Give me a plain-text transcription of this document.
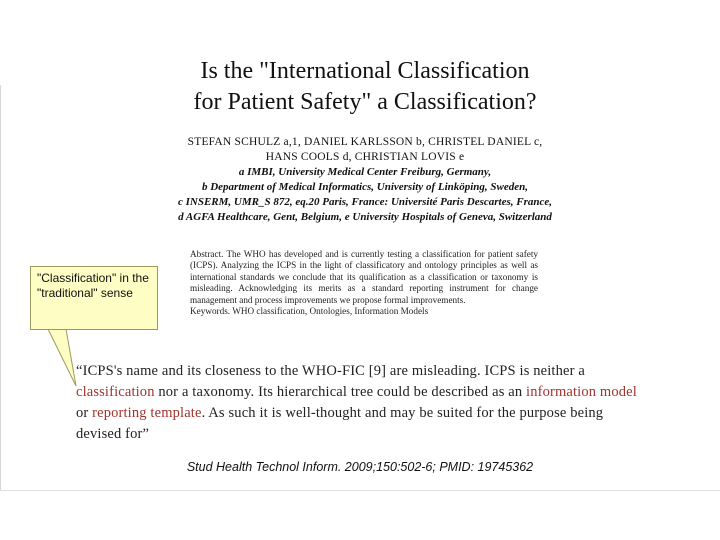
Is the "International Classification
for Patient Safety" a Classification?
STEFAN SCHULZ a,1, DANIEL KARLSSON b, CHRISTEL DANIEL c,
HANS COOLS d, CHRISTIAN LOVIS e
a IMBI, University Medical Center Freiburg, Germany,
b Department of Medical Informatics, University of Linköping, Sweden,
c INSERM, UMR_S 872, eq.20 Paris, France: Université Paris Descartes, France,
d AGFA Healthcare, Gent, Belgium, e University Hospitals of Geneva, Switzerland
Abstract. The WHO has developed and is currently testing a classification for patient safety (ICPS). Analyzing the ICPS in the light of classificatory and ontology principles as well as international standards we conclude that its qualification as a classification or taxonomy is misleading. Acknowledging its merits as a standard reporting instrument for change management and process improvements we propose formal improvements.
Keywords. WHO classification, Ontologies, Information Models
"Classification" in the "traditional" sense
“ICPS's name and its closeness to the WHO-FIC [9] are misleading. ICPS is neither a classification nor a taxonomy. Its hierarchical tree could be described as an information model or reporting template. As such it is well-thought and may be suited for the purpose being devised for”
Stud Health Technol Inform. 2009;150:502-6; PMID: 19745362
